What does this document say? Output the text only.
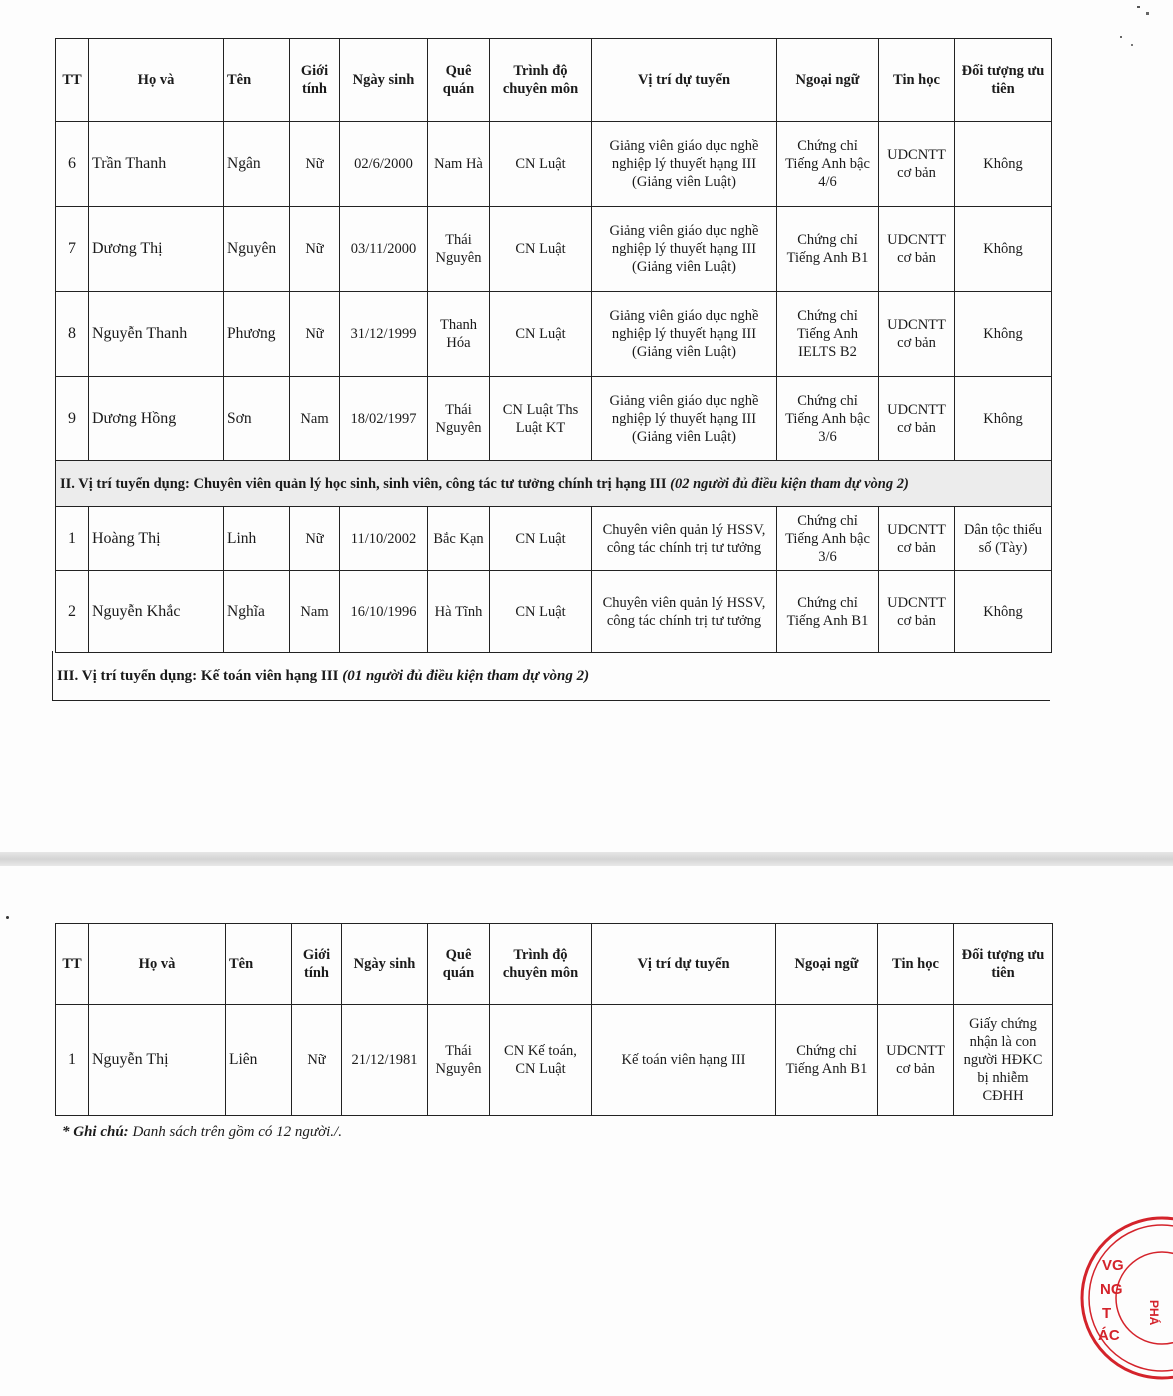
TT	Họ và	Tên	Giới tính	Ngày sinh	Quê quán	Trình độ chuyên môn	Vị trí dự tuyển	Ngoại ngữ	Tin học	Đối tượng ưu tiên
6	Trần Thanh	Ngân	Nữ	02/6/2000	Nam Hà	CN Luật	Giảng viên giáo dục nghề nghiệp lý thuyết hạng III (Giảng viên Luật)	Chứng chỉ Tiếng Anh bậc 4/6	UDCNTT cơ bản	Không
7	Dương Thị	Nguyên	Nữ	03/11/2000	Thái Nguyên	CN Luật	Giảng viên giáo dục nghề nghiệp lý thuyết hạng III (Giảng viên Luật)	Chứng chỉ Tiếng Anh B1	UDCNTT cơ bản	Không
8	Nguyễn Thanh	Phương	Nữ	31/12/1999	Thanh Hóa	CN Luật	Giảng viên giáo dục nghề nghiệp lý thuyết hạng III (Giảng viên Luật)	Chứng chỉ Tiếng Anh IELTS B2	UDCNTT cơ bản	Không
9	Dương Hồng	Sơn	Nam	18/02/1997	Thái Nguyên	CN Luật Ths Luật KT	Giảng viên giáo dục nghề nghiệp lý thuyết hạng III (Giảng viên Luật)	Chứng chỉ Tiếng Anh bậc 3/6	UDCNTT cơ bản	Không
II. Vị trí tuyển dụng: Chuyên viên quản lý học sinh, sinh viên, công tác tư tưởng chính trị hạng III (02 người đủ điều kiện tham dự vòng 2)										
1	Hoàng Thị	Linh	Nữ	11/10/2002	Bắc Kạn	CN Luật	Chuyên viên quản lý HSSV, công tác chính trị tư tưởng	Chứng chỉ Tiếng Anh bậc 3/6	UDCNTT cơ bản	Dân tộc thiểu số (Tày)
2	Nguyễn Khắc	Nghĩa	Nam	16/10/1996	Hà Tĩnh	CN Luật	Chuyên viên quản lý HSSV, công tác chính trị tư tưởng	Chứng chỉ Tiếng Anh B1	UDCNTT cơ bản	Không
III. Vị trí tuyển dụng: Kế toán viên hạng III (01 người đủ điều kiện tham dự vòng 2)
TT	Họ và	Tên	Giới tính	Ngày sinh	Quê quán	Trình độ chuyên môn	Vị trí dự tuyển	Ngoại ngữ	Tin học	Đối tượng ưu tiên
1	Nguyễn Thị	Liên	Nữ	21/12/1981	Thái Nguyên	CN Kế toán, CN Luật	Kế toán viên hạng III	Chứng chỉ Tiếng Anh B1	UDCNTT cơ bản	Giấy chứng nhận là con người HĐKC bị nhiễm CĐHH
* Ghi chú: Danh sách trên gồm có 12 người./.
VG
NG
T
ÁC
PHÁ
